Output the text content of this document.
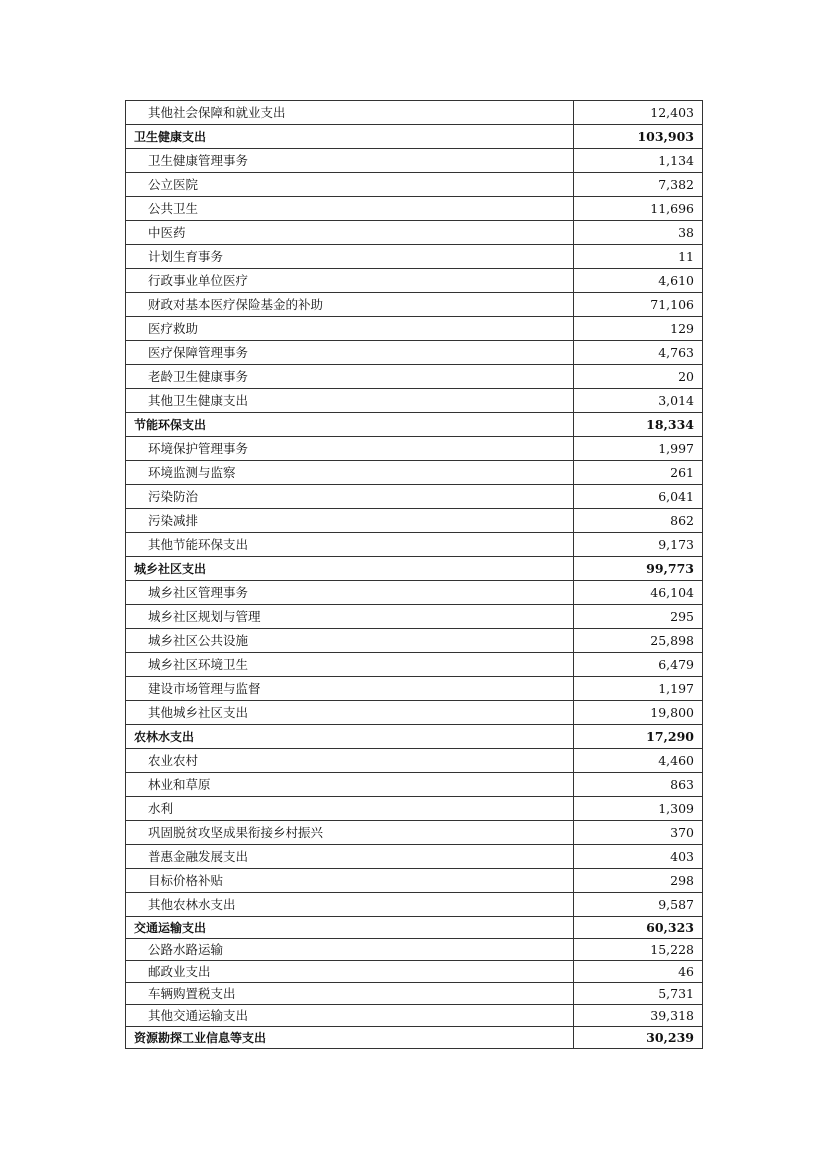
其他社会保障和就业支出	12,403
卫生健康支出	103,903
卫生健康管理事务	1,134
公立医院	7,382
公共卫生	11,696
中医药	38
计划生育事务	11
行政事业单位医疗	4,610
财政对基本医疗保险基金的补助	71,106
医疗救助	129
医疗保障管理事务	4,763
老龄卫生健康事务	20
其他卫生健康支出	3,014
节能环保支出	18,334
环境保护管理事务	1,997
环境监测与监察	261
污染防治	6,041
污染减排	862
其他节能环保支出	9,173
城乡社区支出	99,773
城乡社区管理事务	46,104
城乡社区规划与管理	295
城乡社区公共设施	25,898
城乡社区环境卫生	6,479
建设市场管理与监督	1,197
其他城乡社区支出	19,800
农林水支出	17,290
农业农村	4,460
林业和草原	863
水利	1,309
巩固脱贫攻坚成果衔接乡村振兴	370
普惠金融发展支出	403
目标价格补贴	298
其他农林水支出	9,587
交通运输支出	60,323
公路水路运输	15,228
邮政业支出	46
车辆购置税支出	5,731
其他交通运输支出	39,318
资源勘探工业信息等支出	30,239
